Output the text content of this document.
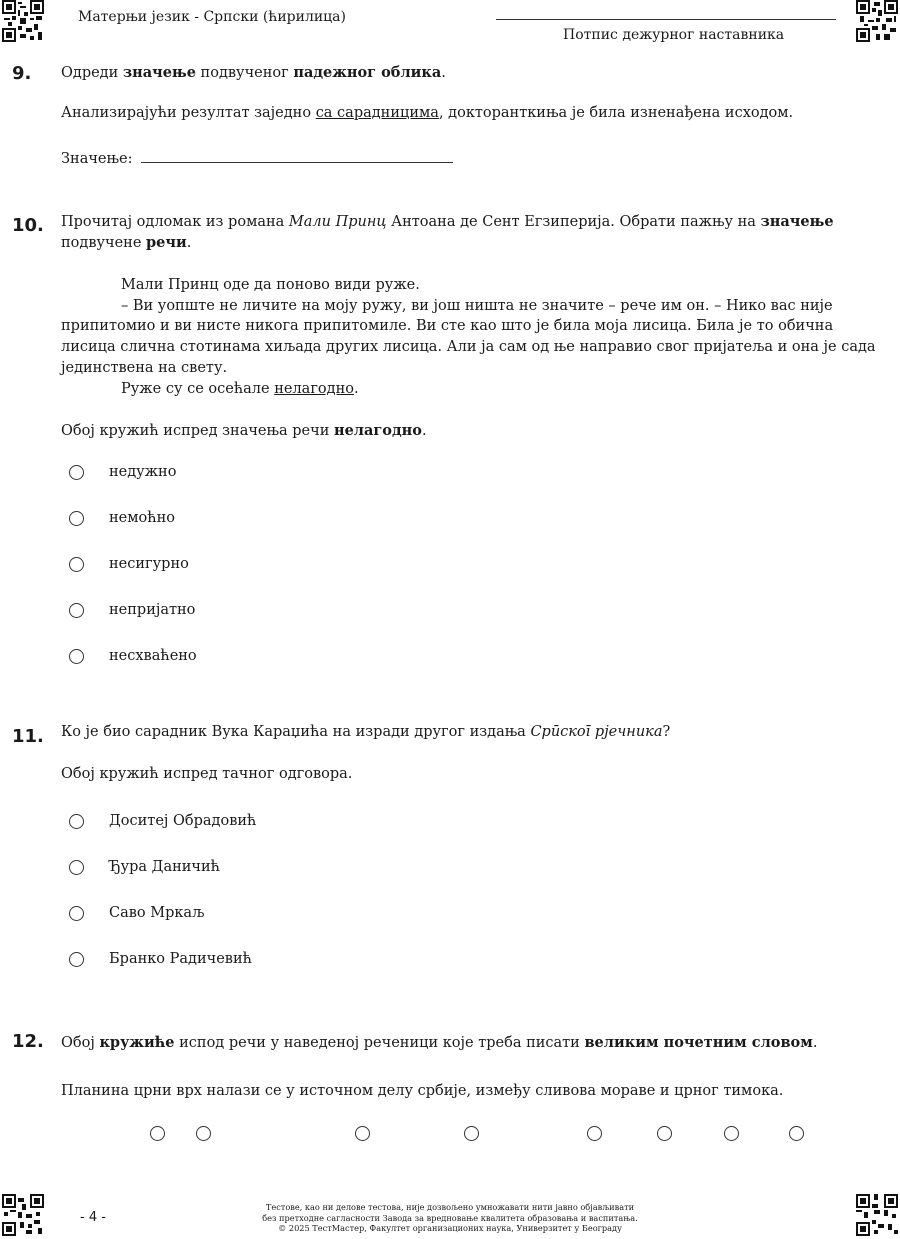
Матерњи језик - Српски (ћирилица)
Потпис дежурног наставника
9. Одреди значење подвученог падежног облика.
Анализирајући резултат заједно са сарадницима, докторанткиња је била изненађена исходом.
Значење:
10. Прочитај одломак из романа Мали Принц Антоана де Сент Егзиперија. Обрати пажњу на значење
подвучене речи.

Мали Принц оде да поново види руже.

– Ви уопште не личите на моју ружу, ви још ништа не значите – рече им он. – Нико вас није припитомио и ви нисте никога припитомиле. Ви сте као што је била моја лисица. Била је то обична лисица слична стотинама хиљада других лисица. Али ја сам од ње направио свог пријатеља и она је сада јединствена на свету.

Руже су се осећале нелагодно.

Обој кружић испред значења речи нелагодно.
недужно
немоћно
несигурно
непријатно
несхваћено
11. Ко је био сарадник Вука Караџића на изради другог издања Срӣскоī рјечника?
Обој кружић испред тачног одговора.
Доситеј Обрадовић
Ђура Даничић
Саво Мркаљ
Бранко Радичевић
12. Обој кружиће испод речи у наведеној реченици које треба писати великим почетним словом.
Планина црни врх налази се у источном делу србије, између сливова мораве и црног тимока.
- 4 -
Тестове, као ни делове тестова, није дозвољено умножавати нити јавно објављивати
без претходне сагласности Завода за вредновање квалитета образовања и васпитања.
© 2025 ТестМастер, Факултет организационих наука, Универзитет у Београду
